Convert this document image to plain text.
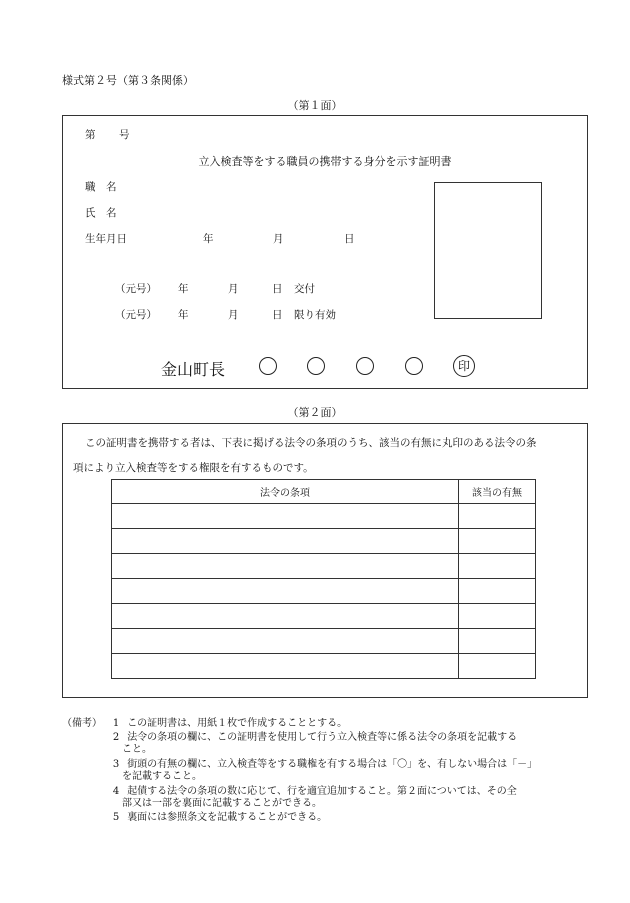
様式第２号（第３条関係）
（第１面）
第 号
立入検査等をする職員の携帯する身分を示す証明書
職　名
氏　名
生年月日	年	月	日
（元号） 年	月	日 交付
（元号） 年	月	日 限り有効
金山町長	印
（第２面）
この証明書を携帯する者は、下表に掲げる法令の条項のうち、該当の有無に丸印のある法令の条
項により立入検査等をする権限を有するものです。
法令の条項	該当の有無

（備考）	1 この証明書は、用紙１枚で作成することとする。
2 法令の条項の欄に、この証明書を使用して行う立入検査等に係る法令の条項を記載する
こと。
3 街頭の有無の欄に、立入検査等をする職権を有する場合は「〇」を、有しない場合は「－」
を記載すること。
4 起債する法令の条項の数に応じて、行を適宜追加すること。第２面については、その全
部又は一部を裏面に記載することができる。
5 裏面には参照条文を記載することができる。
